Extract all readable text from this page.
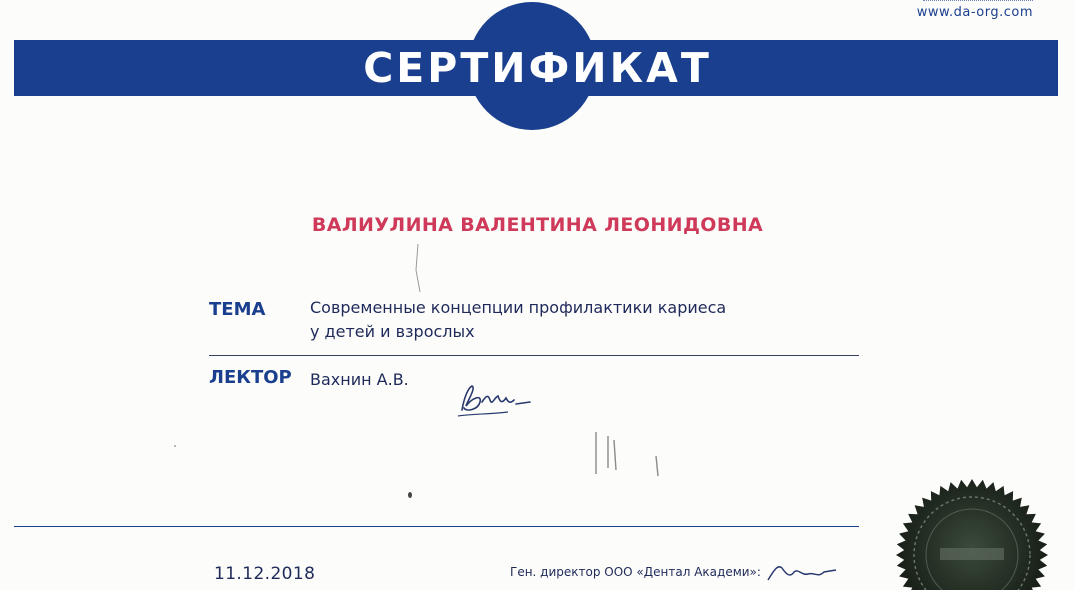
www.da-org.com
СЕРТИФИКАТ
ВАЛИУЛИНА ВАЛЕНТИНА ЛЕОНИДОВНА
ТЕМА	Современные концепции профилактики кариеса
у детей и взрослых
ЛЕКТОР Вахнин А.В.
11.12.2018	Ген. директор ООО «Дентал Академи»:
